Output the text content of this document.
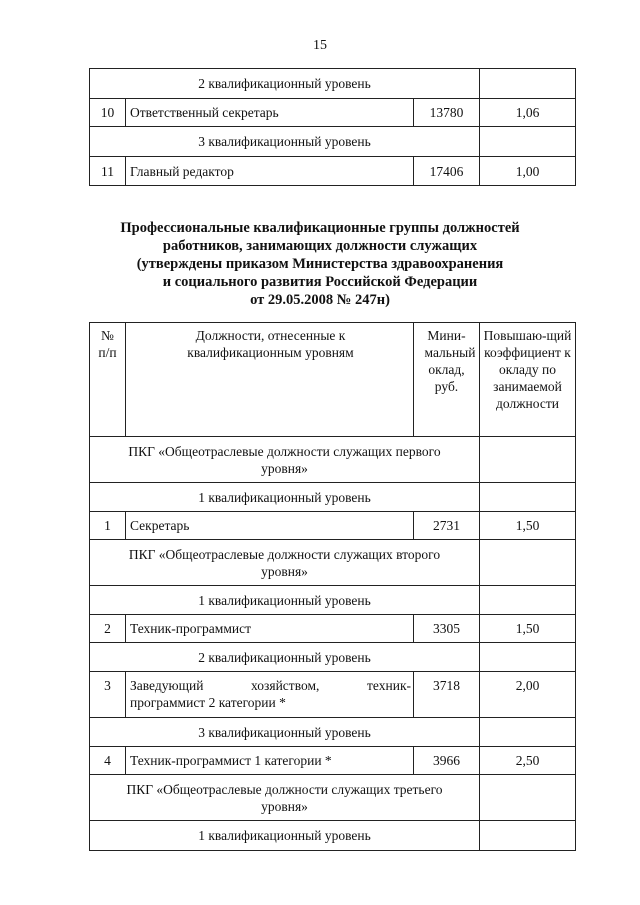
15
2 квалификационный уровень			
10	Ответственный секретарь	13780	1,06
3 квалификационный уровень			
11	Главный редактор	17406	1,00
Профессиональные квалификационные группы должностей
работников, занимающих должности служащих
(утверждены приказом Министерства здравоохранения
и социального развития Российской Федерации
от 29.05.2008 № 247н)
№ п/п	Должности, отнесенные к квалификационным уровням	Мини-мальный оклад, руб.	Повышаю-щий коэффициент к окладу по занимаемой должности

ПКГ «Общеотраслевые должности служащих первого уровня»			

1 квалификационный уровень			
1	Секретарь	2731	1,50

ПКГ «Общеотраслевые должности служащих второго уровня»			

1 квалификационный уровень			
2	Техник-программист	3305	1,50
2 квалификационный уровень			
3	Заведующий хозяйством, техник-
программист 2 категории *	3718	2,00
3 квалификационный уровень			
4	Техник-программист 1 категории *	3966	2,50

ПКГ «Общеотраслевые должности служащих третьего уровня»			

1 квалификационный уровень			
